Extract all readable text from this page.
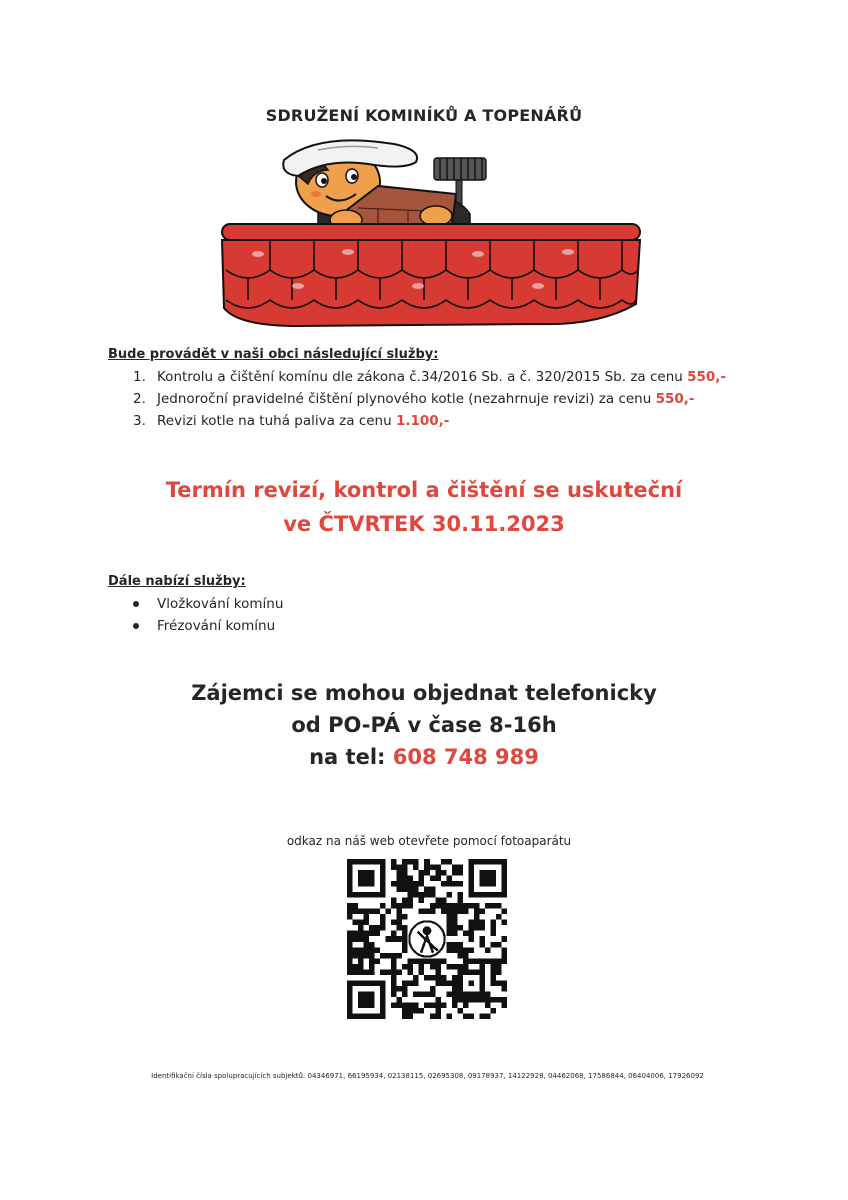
SDRUŽENÍ KOMINÍKŮ A TOPENÁŘŮ
Bude provádět v naši obci následující služby:
1. Kontrolu a čištění komínu dle zákona č.34/2016 Sb. a č. 320/2015 Sb. za cenu 550,-
2. Jednoroční pravidelné čištění plynového kotle (nezahrnuje revizi) za cenu 550,-
3. Revizi kotle na tuhá paliva za cenu 1.100,-
Termín revizí, kontrol a čištění se uskuteční
ve ČTVRTEK 30.11.2023
Dále nabízí služby:
Vložkování komínu
Frézování komínu
Zájemci se mohou objednat telefonicky
od PO-PÁ v čase 8-16h
na tel: 608 748 989
odkaz na náš web otevřete pomocí fotoaparátu
Identifikační čísla spolupracujících subjektů: 04346971, 66195934, 02138115, 02695308, 09178937, 14122928, 04462068, 17586844, 06404006, 17926092
